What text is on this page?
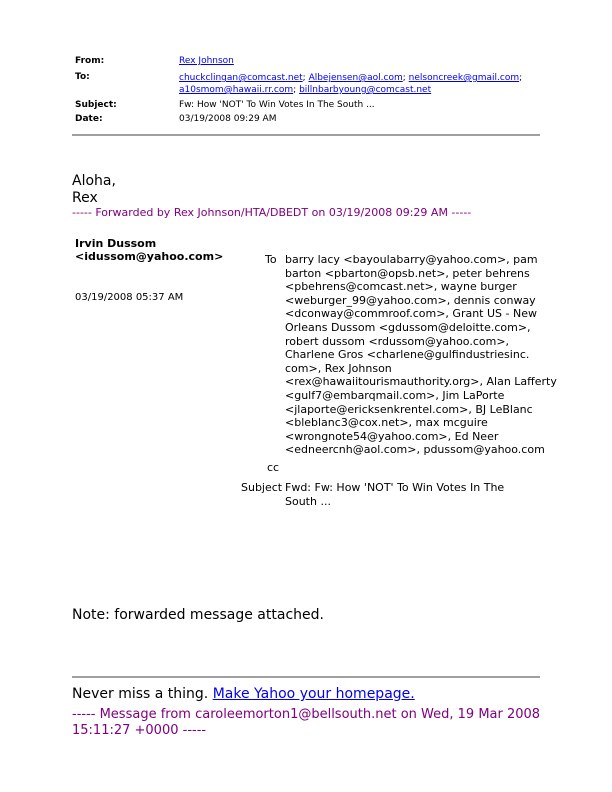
From:	Rex Johnson
To:	chuckclingan@comcast.net; Albejensen@aol.com; nelsoncreek@gmail.com;
a10smom@hawaii.rr.com; billnbarbyoung@comcast.net
Subject:	Fw: How 'NOT' To Win Votes In The South ...
Date:	03/19/2008 09:29 AM
Aloha,
Rex
----- Forwarded by Rex Johnson/HTA/DBEDT on 03/19/2008 09:29 AM -----
Irvin Dussom
<idussom@yahoo.com>
03/19/2008 05:37 AM
To barry lacy <bayoulabarry@yahoo.com>, pam
barton <pbarton@opsb.net>, peter behrens
<pbehrens@comcast.net>, wayne burger
<weburger_99@yahoo.com>, dennis conway
<dconway@commroof.com>, Grant US - New
Orleans Dussom <gdussom@deloitte.com>,
robert dussom <rdussom@yahoo.com>,
Charlene Gros <charlene@gulfindustriesinc.
com>, Rex Johnson
<rex@hawaiitourismauthority.org>, Alan Lafferty
<gulf7@embarqmail.com>, Jim LaPorte
<jlaporte@ericksenkrentel.com>, BJ LeBlanc
<bleblanc3@cox.net>, max mcguire
<wrongnote54@yahoo.com>, Ed Neer
<edneercnh@aol.com>, pdussom@yahoo.com
cc
Subject Fwd: Fw: How 'NOT' To Win Votes In The
South ...
Note: forwarded message attached.
Never miss a thing. Make Yahoo your homepage.
----- Message from caroleemorton1@bellsouth.net on Wed, 19 Mar 2008
15:11:27 +0000 -----
